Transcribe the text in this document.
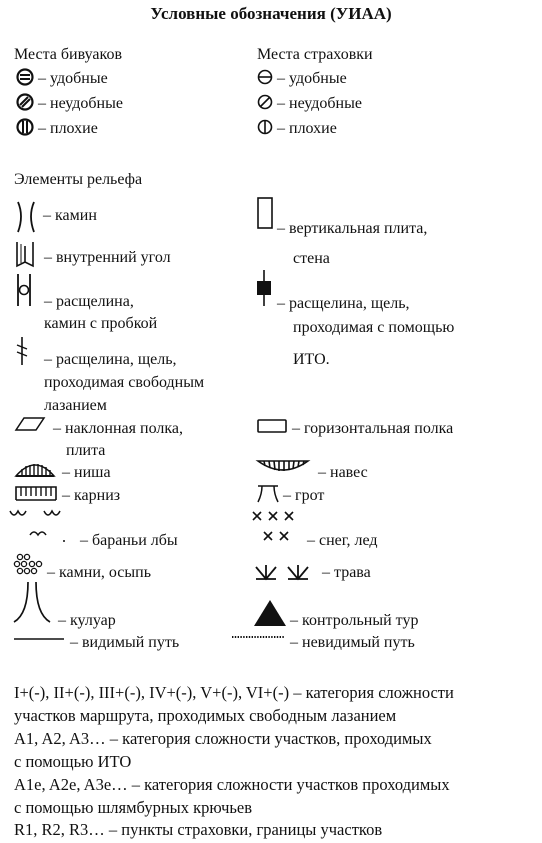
Условные обозначения (УИАА)
Места бивуаков	Места страховки
– удобные
– неудобные
– плохие
– удобные
– неудобные
– плохие
Элементы рельефа
– камин
– внутренний угол
– расщелина,
камин с пробкой
– расщелина, щель,
проходимая свободным
лазанием
– наклонная полка,
плита
– ниша
– карниз
– бараньи лбы
– камни, осыпь
– кулуар
– видимый путь
– вертикальная плита,
стена
– расщелина, щель,
проходимая с помощью
ИТО.
– горизонтальная полка
– навес
– грот
– снег, лед
– трава
– контрольный тур
– невидимый путь
I+(-), II+(-), III+(-), IV+(-), V+(-), VI+(-) – категория сложности
участков маршрута, проходимых свободным лазанием
A1, A2, A3… – категория сложности участков, проходимых
с помощью ИТО
A1e, A2e, A3e… – категория сложности участков проходимых
с помощью шлямбурных крючьев
R1, R2, R3… – пункты страховки, границы участков
